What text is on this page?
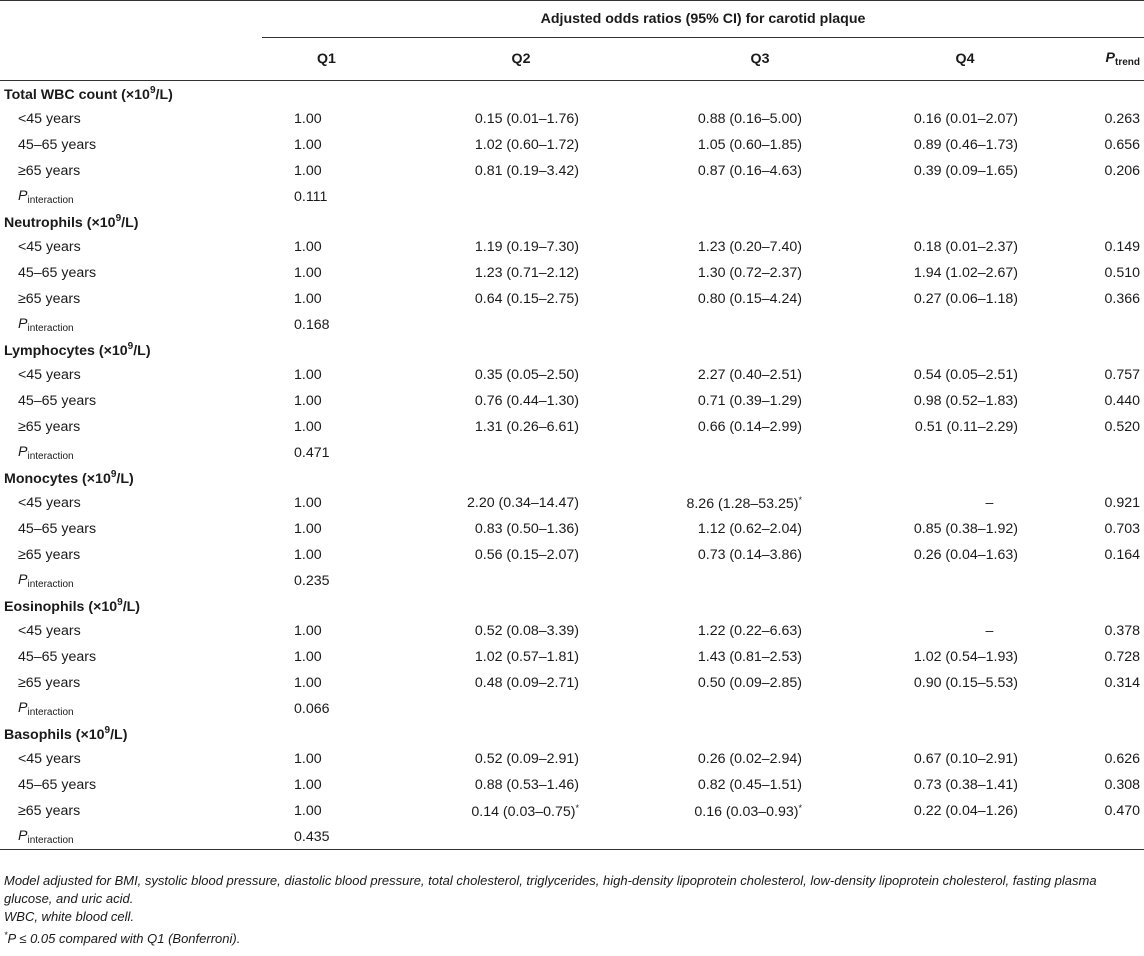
	Adjusted odds ratios (95% CI) for carotid plaque				
	Q1	Q2	Q3	Q4	$P_{trend}$
Total WBC count $(\times 10^9/L)$					
<45 years	1.00	0.15 (0.01–1.76)	0.88 (0.16–5.00)	0.16 (0.01–2.07)	0.263
45–65 years	1.00	1.02 (0.60–1.72)	1.05 (0.60–1.85)	0.89 (0.46–1.73)	0.656
≥65 years	1.00	0.81 (0.19–3.42)	0.87 (0.16–4.63)	0.39 (0.09–1.65)	0.206
$P_{interaction}$	0.111				
Neutrophils $(\times 10^9/L)$					
<45 years	1.00	1.19 (0.19–7.30)	1.23 (0.20–7.40)	0.18 (0.01–2.37)	0.149
45–65 years	1.00	1.23 (0.71–2.12)	1.30 (0.72–2.37)	1.94 (1.02–2.67)	0.510
≥65 years	1.00	0.64 (0.15–2.75)	0.80 (0.15–4.24)	0.27 (0.06–1.18)	0.366
$P_{interaction}$	0.168				
Lymphocytes $(\times 10^9/L)$					
<45 years	1.00	0.35 (0.05–2.50)	2.27 (0.40–2.51)	0.54 (0.05–2.51)	0.757
45–65 years	1.00	0.76 (0.44–1.30)	0.71 (0.39–1.29)	0.98 (0.52–1.83)	0.440
≥65 years	1.00	1.31 (0.26–6.61)	0.66 (0.14–2.99)	0.51 (0.11–2.29)	0.520
$P_{interaction}$	0.471				
Monocytes $(\times 10^9/L)$					
<45 years	1.00	2.20 (0.34–14.47)	8.26 (1.28–53.25)*	–	0.921
45–65 years	1.00	0.83 (0.50–1.36)	1.12 (0.62–2.04)	0.85 (0.38–1.92)	0.703
≥65 years	1.00	0.56 (0.15–2.07)	0.73 (0.14–3.86)	0.26 (0.04–1.63)	0.164
$P_{interaction}$	0.235				
Eosinophils $(\times 10^9/L)$					
<45 years	1.00	0.52 (0.08–3.39)	1.22 (0.22–6.63)	–	0.378
45–65 years	1.00	1.02 (0.57–1.81)	1.43 (0.81–2.53)	1.02 (0.54–1.93)	0.728
≥65 years	1.00	0.48 (0.09–2.71)	0.50 (0.09–2.85)	0.90 (0.15–5.53)	0.314
$P_{interaction}$	0.066				
Basophils $(\times 10^9/L)$					
<45 years	1.00	0.52 (0.09–2.91)	0.26 (0.02–2.94)	0.67 (0.10–2.91)	0.626
45–65 years	1.00	0.88 (0.53–1.46)	0.82 (0.45–1.51)	0.73 (0.38–1.41)	0.308
≥65 years	1.00	0.14 (0.03–0.75)*	0.16 (0.03–0.93)*	0.22 (0.04–1.26)	0.470
$P_{interaction}$	0.435				

Model adjusted for BMI, systolic blood pressure, diastolic blood pressure, total cholesterol, triglycerides, high-density lipoprotein cholesterol, low-density lipoprotein cholesterol, fasting plasma glucose, and uric acid.

WBC, white blood cell.

*P ≤ 0.05 compared with Q1 (Bonferroni).
